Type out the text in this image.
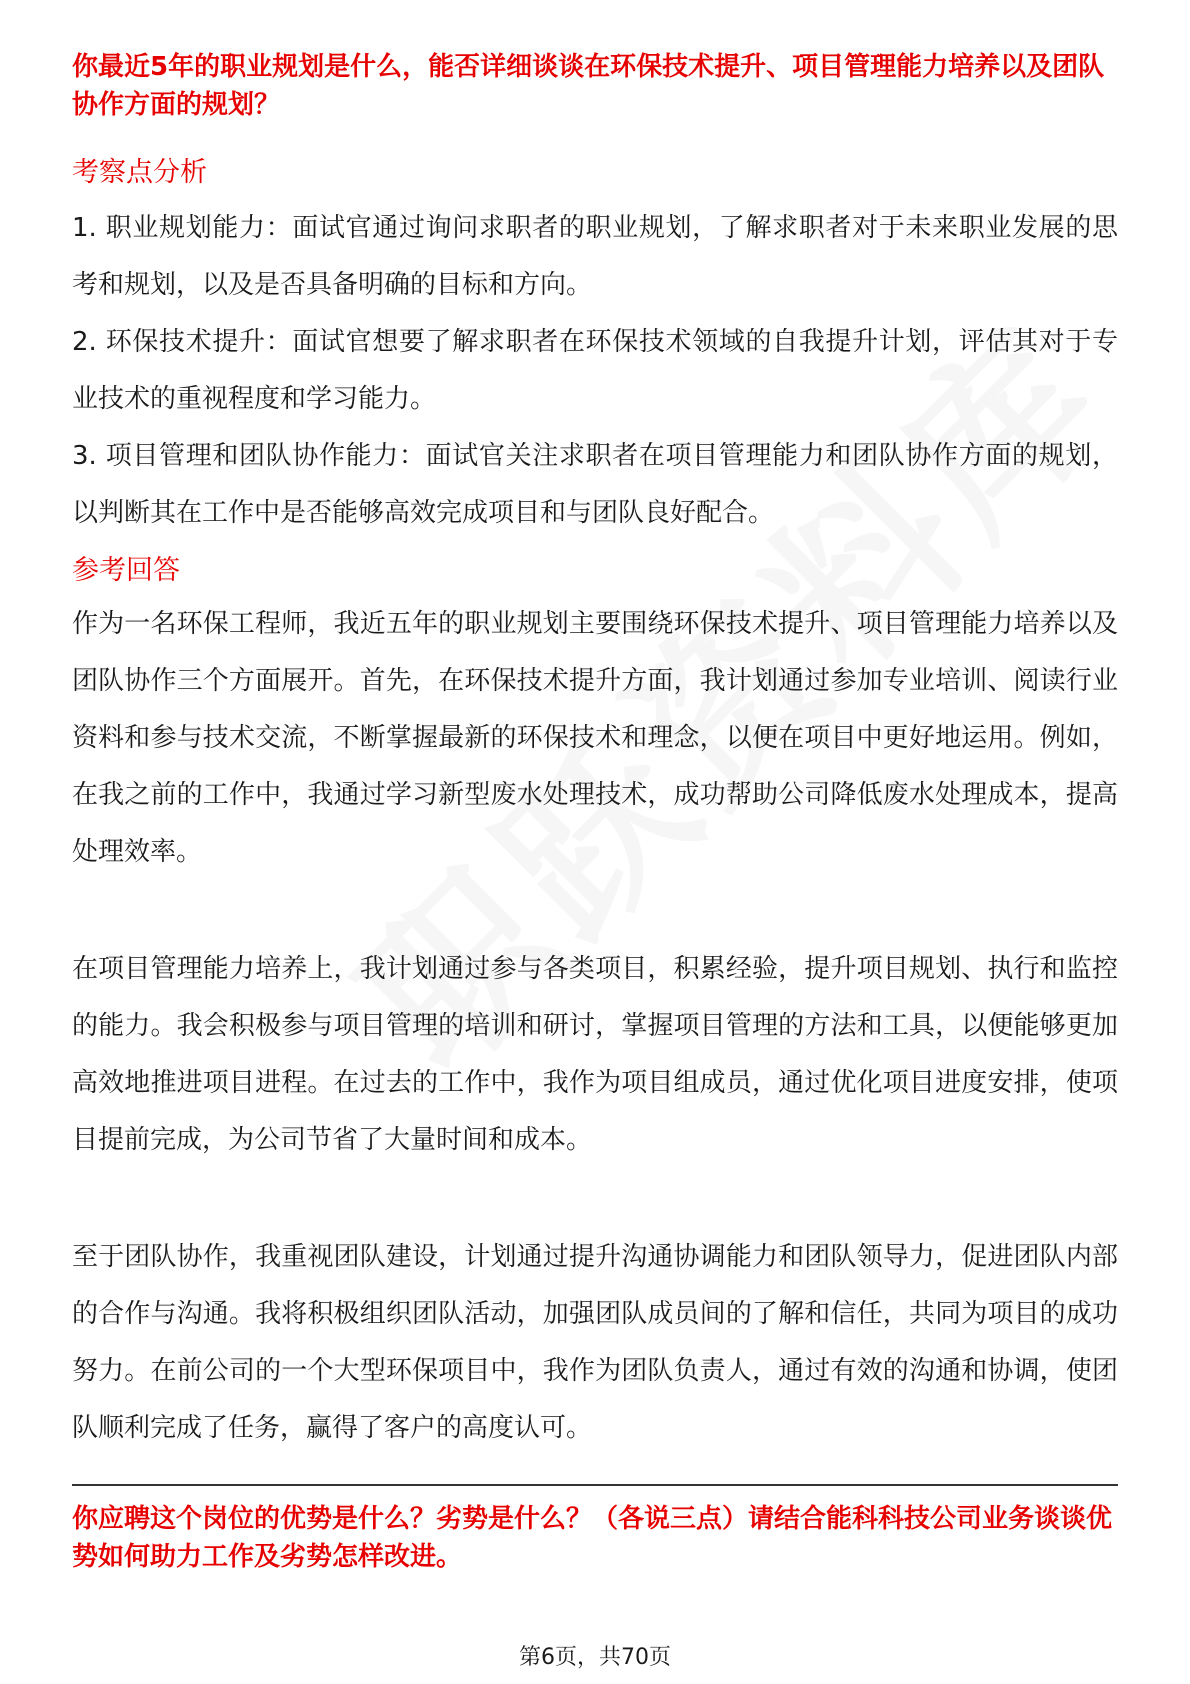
你最近5年的职业规划是什么，能否详细谈谈在环保技术提升、项目管理能力培养以及团队协作方面的规划？

考察点分析

1. 职业规划能力：面试官通过询问求职者的职业规划，了解求职者对于未来职业发展的思考和规划，以及是否具备明确的目标和方向。

2. 环保技术提升：面试官想要了解求职者在环保技术领域的自我提升计划，评估其对于专业技术的重视程度和学习能力。

3. 项目管理和团队协作能力：面试官关注求职者在项目管理能力和团队协作方面的规划，以判断其在工作中是否能够高效完成项目和与团队良好配合。

参考回答

作为一名环保工程师，我近五年的职业规划主要围绕环保技术提升、项目管理能力培养以及团队协作三个方面展开。首先，在环保技术提升方面，我计划通过参加专业培训、阅读行业资料和参与技术交流，不断掌握最新的环保技术和理念，以便在项目中更好地运用。例如，在我之前的工作中，我通过学习新型废水处理技术，成功帮助公司降低废水处理成本，提高处理效率。

在项目管理能力培养上，我计划通过参与各类项目，积累经验，提升项目规划、执行和监控的能力。我会积极参与项目管理的培训和研讨，掌握项目管理的方法和工具，以便能够更加高效地推进项目进程。在过去的工作中，我作为项目组成员，通过优化项目进度安排，使项目提前完成，为公司节省了大量时间和成本。

至于团队协作，我重视团队建设，计划通过提升沟通协调能力和团队领导力，促进团队内部的合作与沟通。我将积极组织团队活动，加强团队成员间的了解和信任，共同为项目的成功努力。在前公司的一个大型环保项目中，我作为团队负责人，通过有效的沟通和协调，使团队顺利完成了任务，赢得了客户的高度认可。

你应聘这个岗位的优势是什么？劣势是什么？（各说三点）请结合能科科技公司业务谈谈优势如何助力工作及劣势怎样改进。

第6页，共70页
